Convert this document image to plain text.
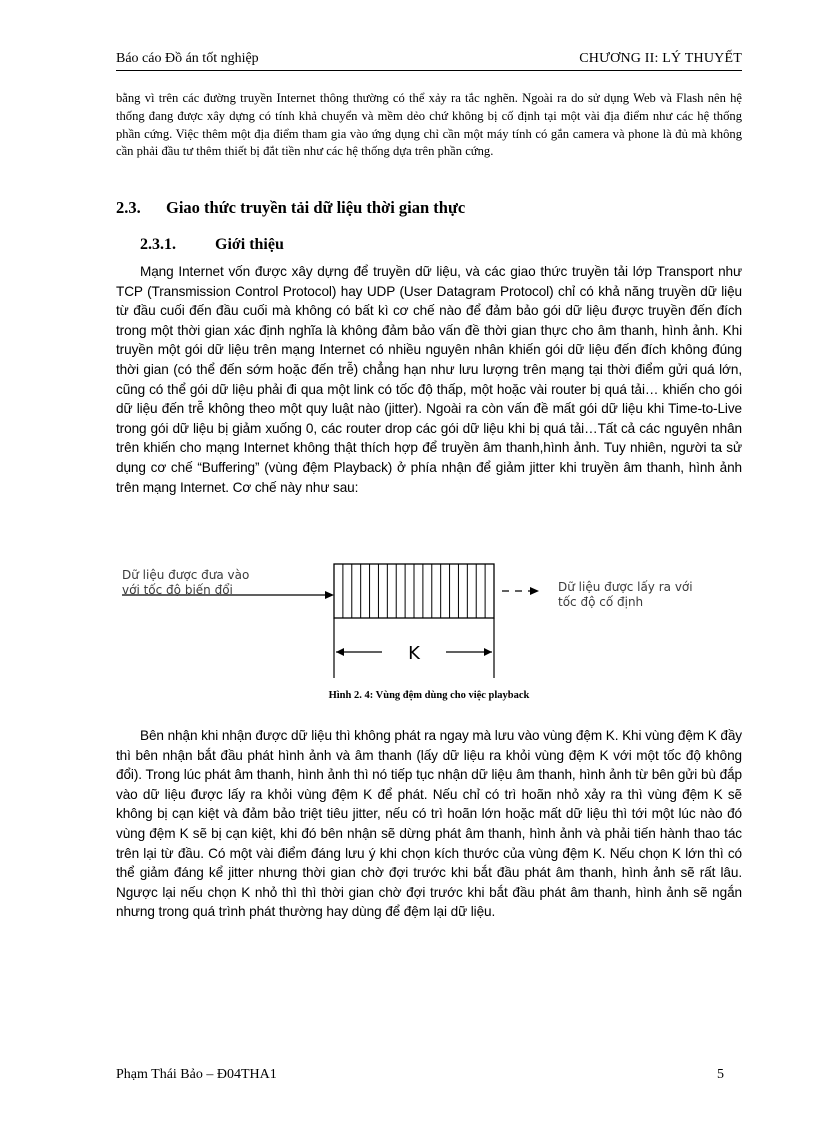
Báo cáo Đồ án tốt nghiệp	CHƯƠNG II: LÝ THUYẾT
bằng vì trên các đường truyền Internet thông thường có thể xảy ra tắc nghẽn. Ngoài ra do sử dụng Web và Flash nên hệ thống đang được xây dựng có tính khả chuyển và mềm dẻo chứ không bị cố định tại một vài địa điểm như các hệ thống phần cứng. Việc thêm một địa điểm tham gia vào ứng dụng chỉ cần một máy tính có gắn camera và phone là đủ mà không cần phải đầu tư thêm thiết bị đắt tiền như các hệ thống dựa trên phần cứng.
2.3. Giao thức truyền tải dữ liệu thời gian thực
2.3.1. Giới thiệu

Mạng Internet vốn được xây dựng để truyền dữ liệu, và các giao thức truyền tải lớp Transport như TCP (Transmission Control Protocol) hay UDP (User Datagram Protocol) chỉ có khả năng truyền dữ liệu từ đầu cuối đến đầu cuối mà không có bất kì cơ chế nào để đảm bảo gói dữ liệu được truyền đến đích trong một thời gian xác định nghĩa là không đảm bảo vấn đề thời gian thực cho âm thanh, hình ảnh. Khi truyền một gói dữ liệu trên mạng Internet có nhiều nguyên nhân khiến gói dữ liệu đến đích không đúng thời gian (có thể đến sớm hoặc đến trễ) chẳng hạn như lưu lượng trên mạng tại thời điểm gửi quá lớn, cũng có thể gói dữ liệu phải đi qua một link có tốc độ thấp, một hoặc vài router bị quá tải… khiến cho gói dữ liệu đến trễ không theo một quy luật nào (jitter). Ngoài ra còn vấn đề mất gói dữ liệu khi Time-to-Live trong gói dữ liệu bị giảm xuống 0, các router drop các gói dữ liệu khi bị quá tải…Tất cả các nguyên nhân trên khiến cho mạng Internet không thật thích hợp để truyền âm thanh,hình ảnh. Tuy nhiên, người ta sử dụng cơ chế “Buffering” (vùng đệm Playback) ở phía nhận để giảm jitter khi truyền âm thanh, hình ảnh trên mạng Internet. Cơ chế này như sau:

K
Dữ liệu được đưa vào
với tốc độ biến đổi	Dữ liệu được lấy ra với
tốc độ cố định
Hình 2. 4: Vùng đệm dùng cho việc playback

Bên nhận khi nhận được dữ liệu thì không phát ra ngay mà lưu vào vùng đệm K. Khi vùng đệm K đầy thì bên nhận bắt đầu phát hình ảnh và âm thanh (lấy dữ liệu ra khỏi vùng đệm K với một tốc độ không đổi). Trong lúc phát âm thanh, hình ảnh thì nó tiếp tục nhận dữ liệu âm thanh, hình ảnh từ bên gửi bù đắp vào dữ liệu được lấy ra khỏi vùng đệm K để phát. Nếu chỉ có trì hoãn nhỏ xảy ra thì vùng đệm K sẽ không bị cạn kiệt và đảm bảo triệt tiêu jitter, nếu có trì hoãn lớn hoặc mất dữ liệu thì tới một lúc nào đó vùng đệm K sẽ bị cạn kiệt, khi đó bên nhận sẽ dừng phát âm thanh, hình ảnh và phải tiến hành thao tác trên lại từ đầu. Có một vài điểm đáng lưu ý khi chọn kích thước của vùng đệm K. Nếu chọn K lớn thì có thể giảm đáng kể jitter nhưng thời gian chờ đợi trước khi bắt đầu phát âm thanh, hình ảnh sẽ rất lâu. Ngược lại nếu chọn K nhỏ thì thì thời gian chờ đợi trước khi bắt đầu phát âm thanh, hình ảnh sẽ ngắn nhưng trong quá trình phát thường hay dùng để đệm lại dữ liệu.

Phạm Thái Bảo – Đ04THA1	5
